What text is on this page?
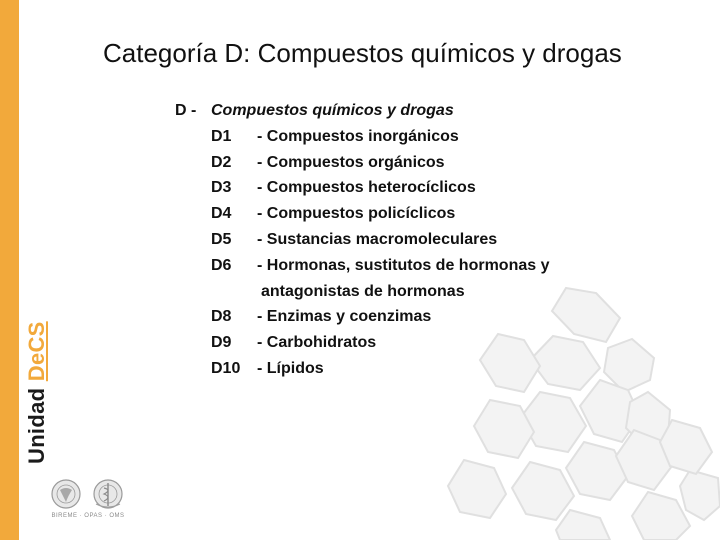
Unidad DeCS
Categoría D: Compuestos químicos y drogas
D - Compuestos químicos y drogas
D1 - Compuestos inorgánicos
D2 - Compuestos orgánicos
D3 - Compuestos heterocíclicos
D4 - Compuestos policíclicos
D5 - Sustancias macromoleculares
D6 - Hormonas, sustitutos de hormonas y
antagonistas de hormonas
D8 - Enzimas y coenzimas
D9 - Carbohidratos
D10 - Lípidos
BIREME · OPAS · OMS
